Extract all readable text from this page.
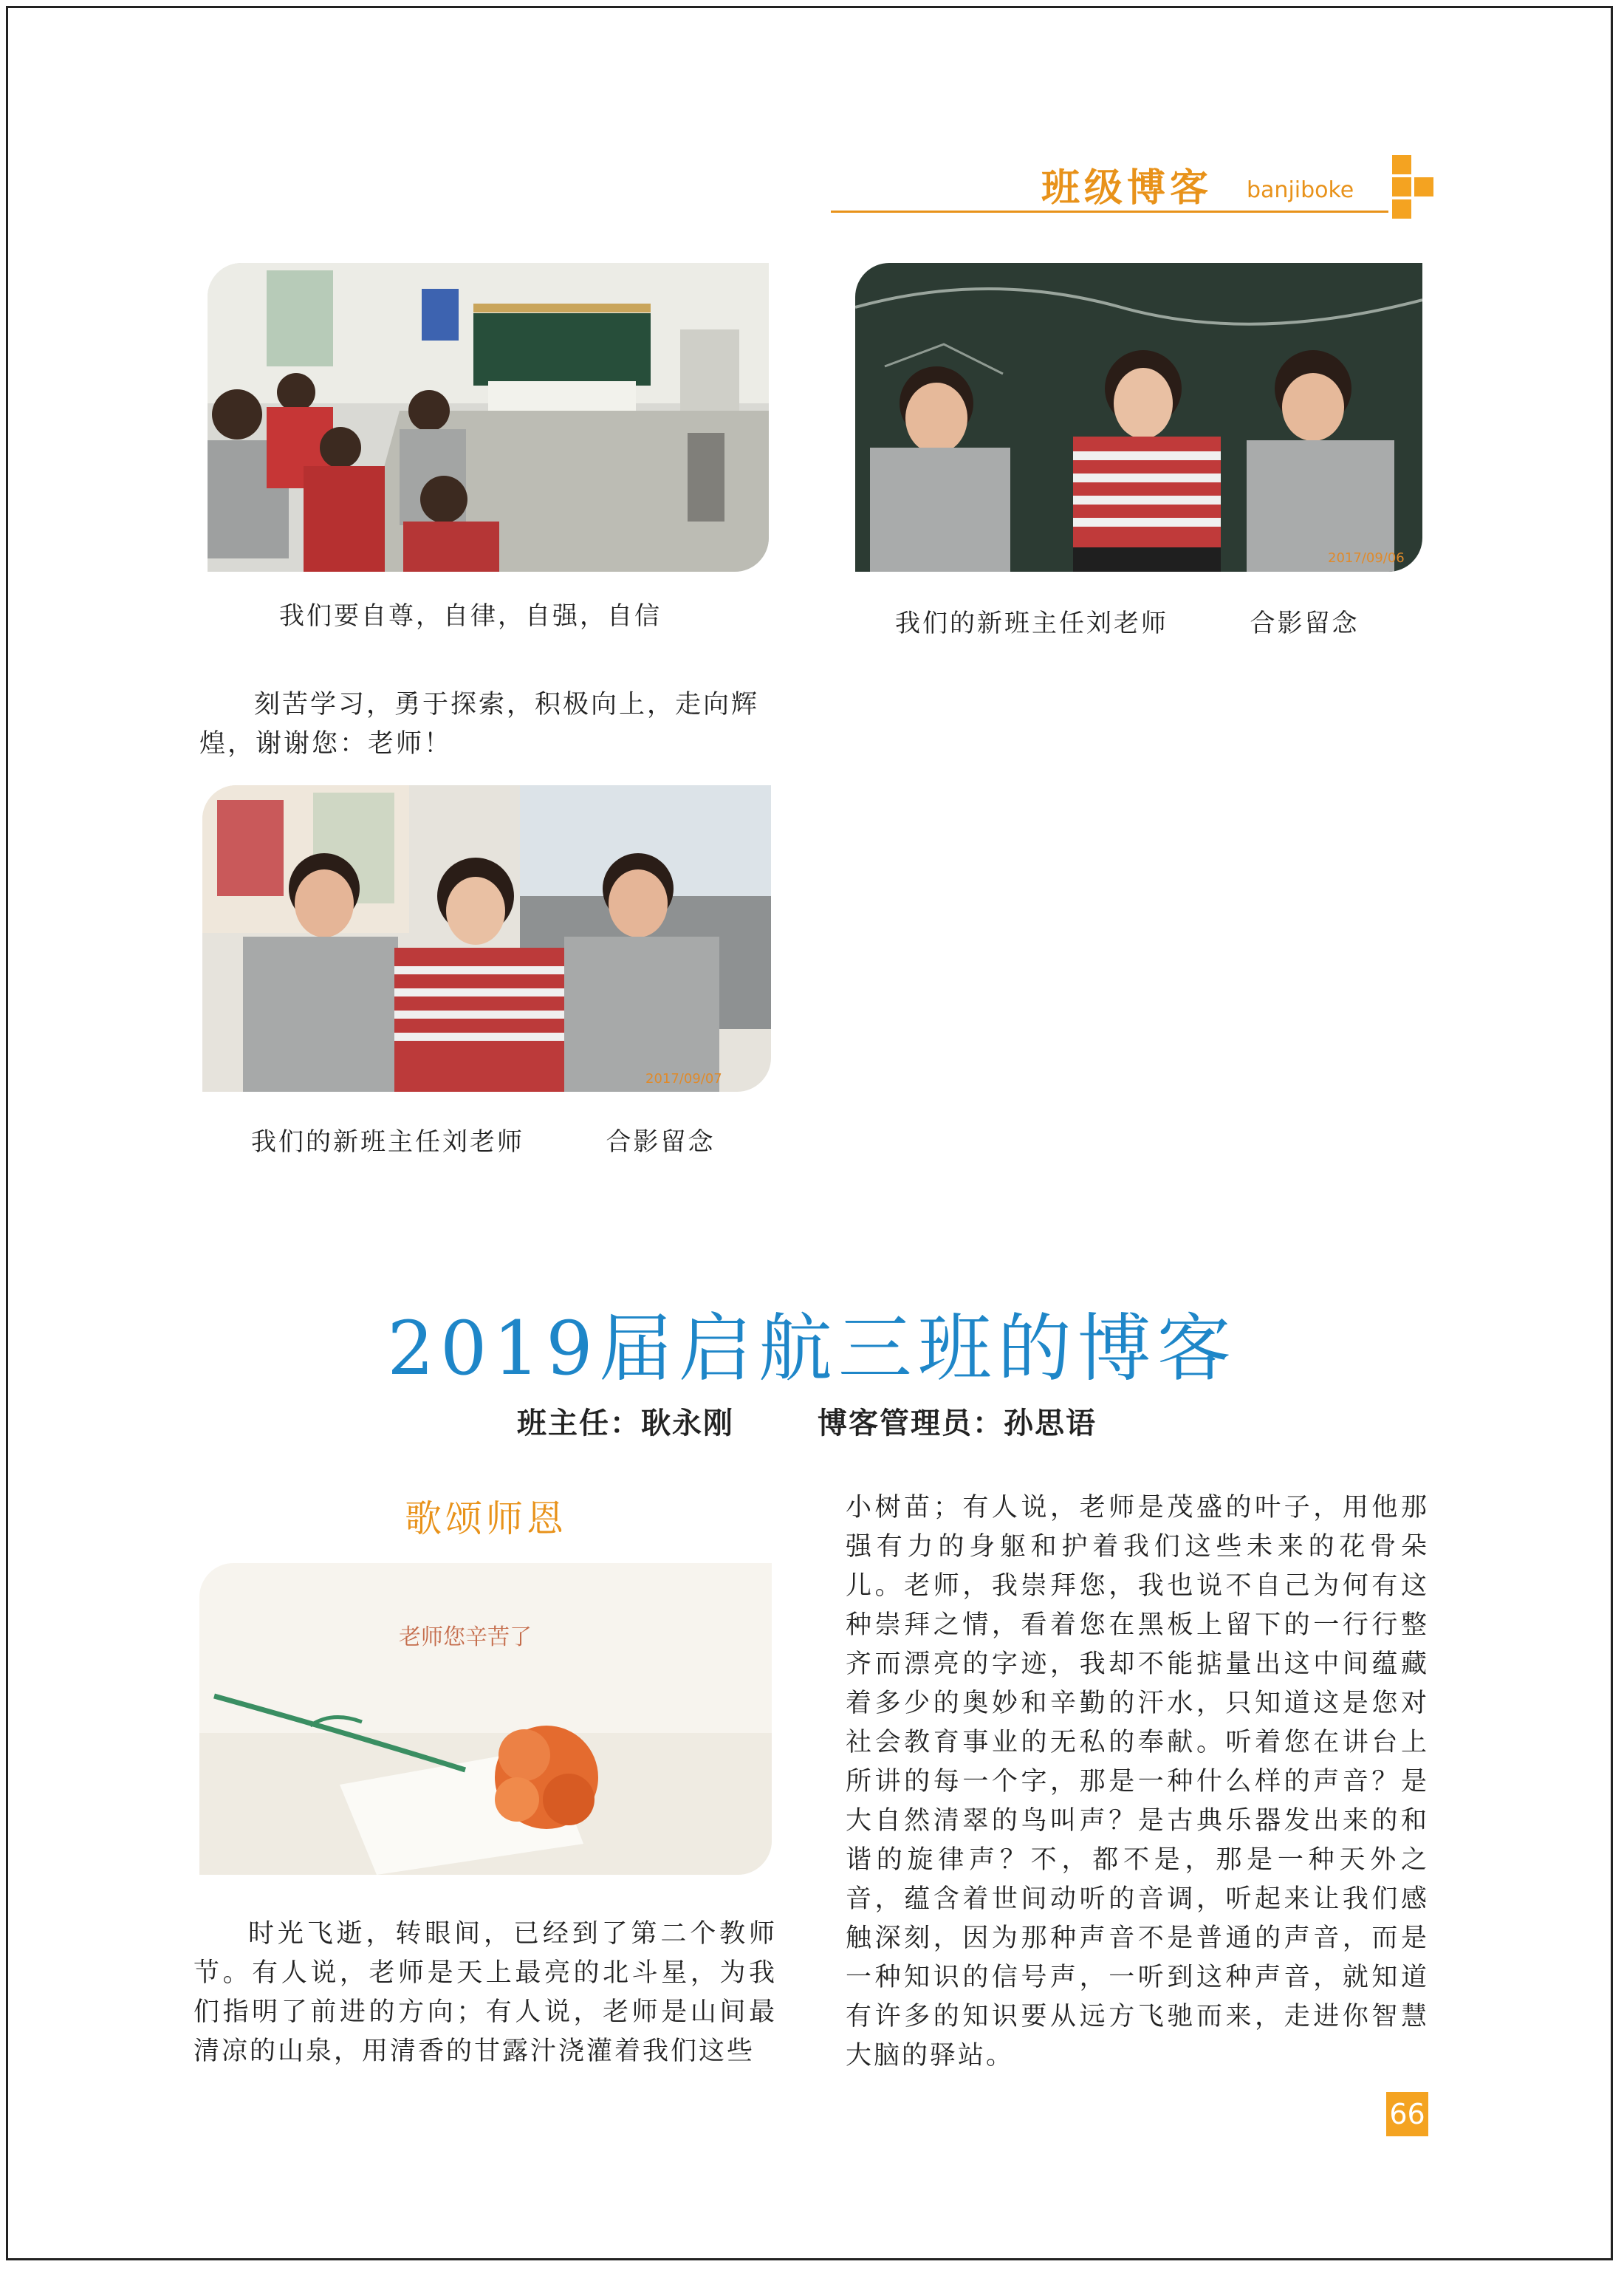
班级博客 banjiboke
我们要自尊，自律，自强，自信
2017/09/06
我们的新班主任刘老师        合影留念
刻苦学习，勇于探索，积极向上，走向辉煌，谢谢您：老师！
2017/09/07
我们的新班主任刘老师        合影留念
2019届启航三班的博客
班主任：耿永刚	博客管理员：孙思语
歌颂师恩
老师您辛苦了
时光飞逝，转眼间，已经到了第二个教师节。有人说，老师是天上最亮的北斗星，为我们指明了前进的方向；有人说，老师是山间最清凉的山泉，用清香的甘露汁浇灌着我们这些
小树苗；有人说，老师是茂盛的叶子，用他那强有力的身躯和护着我们这些未来的花骨朵儿。老师，我崇拜您，我也说不自己为何有这种崇拜之情，看着您在黑板上留下的一行行整齐而漂亮的字迹，我却不能掂量出这中间蕴藏着多少的奥妙和辛勤的汗水，只知道这是您对社会教育事业的无私的奉献。听着您在讲台上所讲的每一个字，那是一种什么样的声音？是大自然清翠的鸟叫声？是古典乐器发出来的和谐的旋律声？不，都不是，那是一种天外之音，蕴含着世间动听的音调，听起来让我们感触深刻，因为那种声音不是普通的声音，而是一种知识的信号声，一听到这种声音，就知道有许多的知识要从远方飞驰而来，走进你智慧大脑的驿站。
66
